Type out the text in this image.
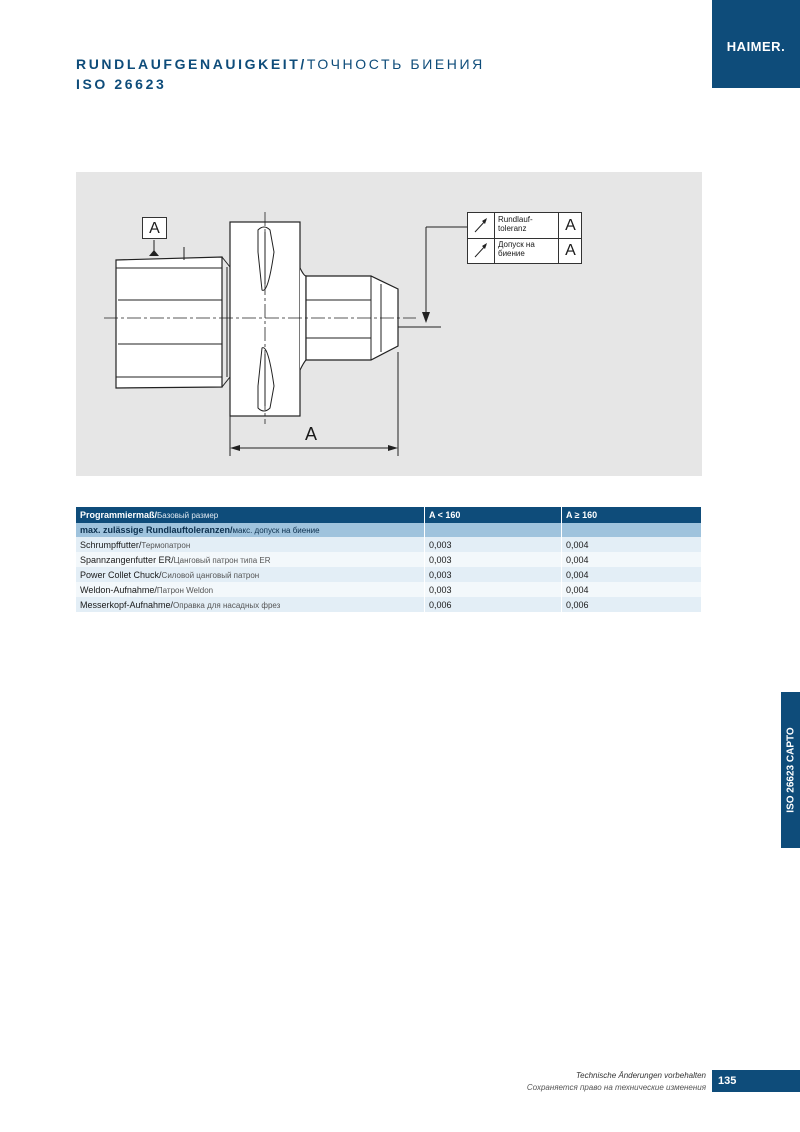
HAIMER.
RUNDLAUFGENAUIGKEIT/ТОЧНОСТЬ БИЕНИЯ
ISO 26623
A
A
Rundlauf-toleranz	A
Допуск на биение	A
Programmiermaß/Базовый размер	A < 160	A ≥ 160
max. zulässige Rundlauftoleranzen/макс. допуск на биение		
Schrumpffutter/Термопатрон	0,003	0,004
Spannzangenfutter ER/Цанговый патрон типа ER	0,003	0,004
Power Collet Chuck/Силовой цанговый патрон	0,003	0,004
Weldon-Aufnahme/Патрон Weldon	0,003	0,004
Messerkopf-Aufnahme/Оправка для насадных фрез	0,006	0,006
ISO 26623 CAPTO
Technische Änderungen vorbehalten
Сохраняется право на технические изменения
135
